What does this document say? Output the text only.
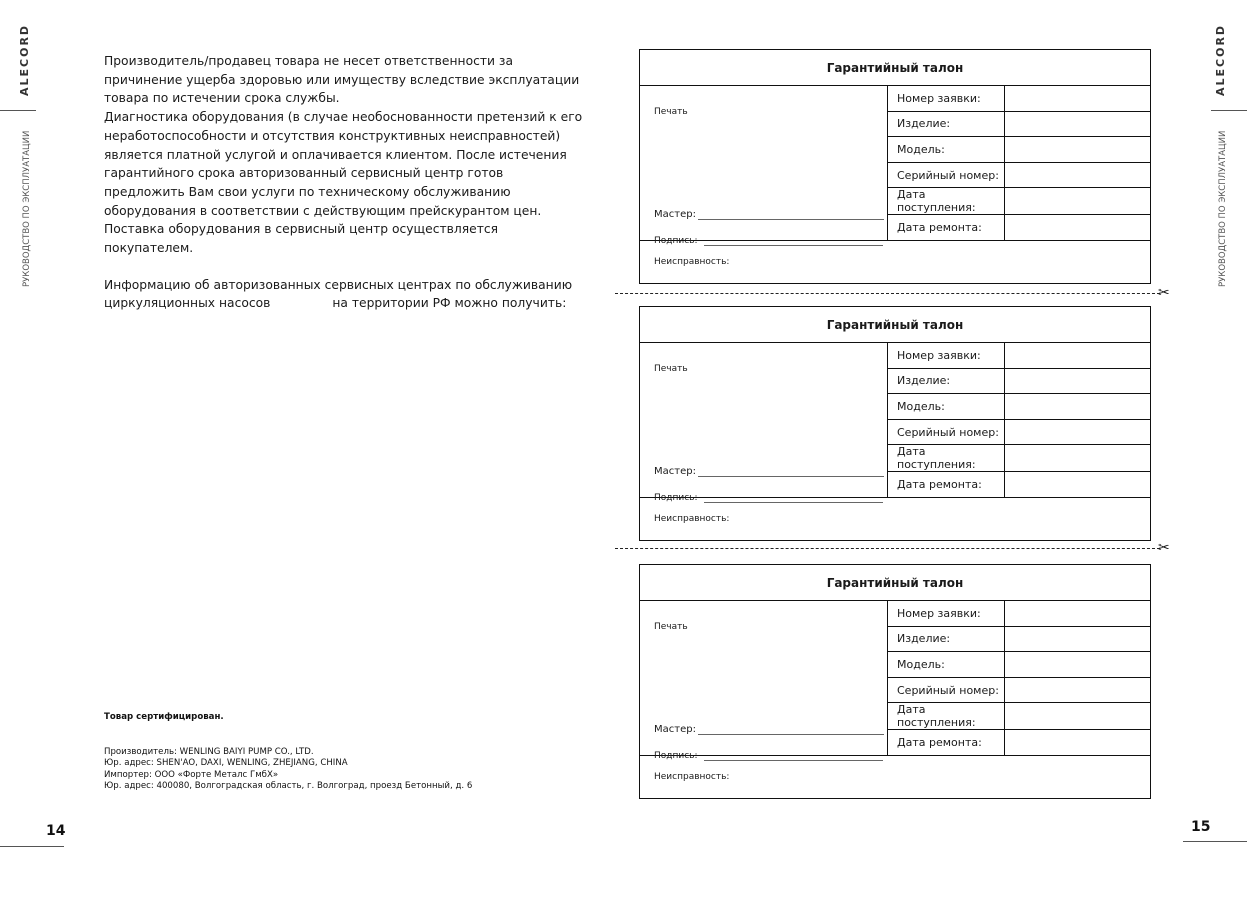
ALECORD
РУКОВОДСТВО ПО ЭКСПЛУАТАЦИИ
ALECORD
РУКОВОДСТВО ПО ЭКСПЛУАТАЦИИ

Производитель/продавец товара не несет ответственности за причинение ущерба здоровью или имуществу вследствие эксплуатации товара по истечении срока службы.

Диагностика оборудования (в случае необоснованности претензий к его неработоспособности и отсутствия конструктивных неисправностей) является платной услугой и оплачивается клиентом. После истечения гарантийного срока авторизованный сервисный центр готов предложить Вам свои услуги по техническому обслуживанию оборудования в соответствии с действующим прейскурантом цен. Поставка оборудования в сервисный центр осуществляется покупателем.

Информацию об авторизованных сервисных центрах по обслуживанию циркуляционных насосов	на территории РФ можно получить:

Товар сертифицирован.
Производитель: WENLING BAIYI PUMP CO., LTD.
Юр. адрес: SHEN'AO, DAXI, WENLING, ZHEJIANG, CHINA
Импортер: ООО «Форте Металс ГмбХ»
Юр. адрес: 400080, Волгоградская область, г. Волгоград, проезд Бетонный, д. 6
14
Гарантийный талон
Печать
Мастер:
Подпись:
Номер заявки:
Изделие:
Модель:
Серийный номер:
Дата поступления:
Дата ремонта:
Неисправность:
✂
Гарантийный талон
Печать
Мастер:
Подпись:
Номер заявки:
Изделие:
Модель:
Серийный номер:
Дата поступления:
Дата ремонта:
Неисправность:
✂
Гарантийный талон
Печать
Мастер:
Подпись:
Номер заявки:
Изделие:
Модель:
Серийный номер:
Дата поступления:
Дата ремонта:
Неисправность:
15
